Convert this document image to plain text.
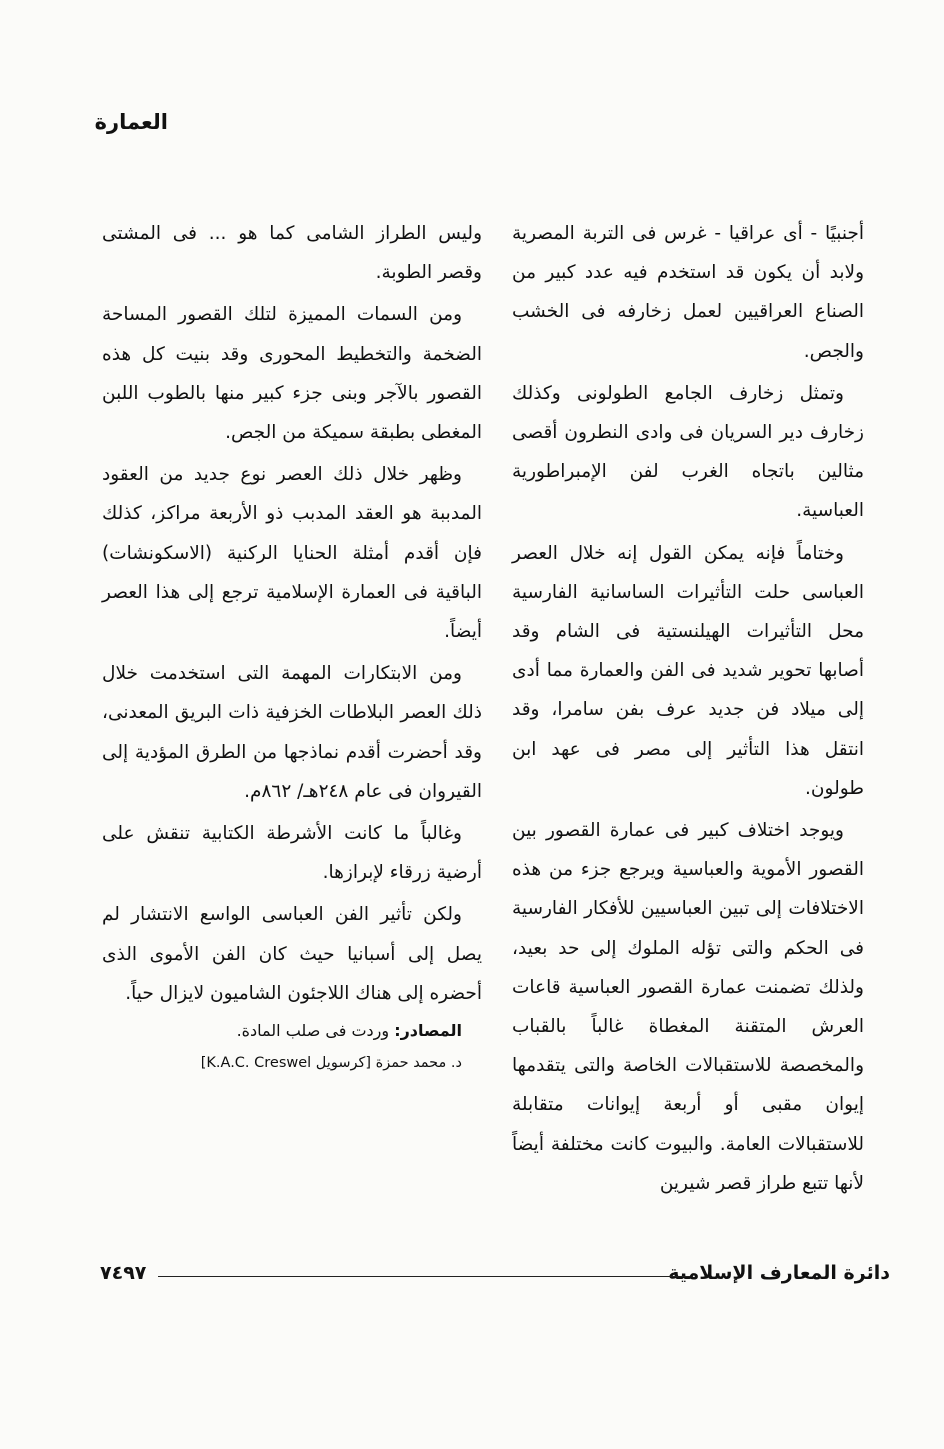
العمارة

أجنبيًا - أى عراقيا - غرس فى التربة المصرية ولابد أن يكون قد استخدم فيه عدد كبير من الصناع العراقيين لعمل زخارفه فى الخشب والجص.

وتمثل زخارف الجامع الطولونى وكذلك زخارف دير السريان فى وادى النطرون أقصى مثالين باتجاه الغرب لفن الإمبراطورية العباسية.

وختاماً فإنه يمكن القول إنه خلال العصر العباسى حلت التأثيرات الساسانية الفارسية محل التأثيرات الهيلنستية فى الشام وقد أصابها تحوير شديد فى الفن والعمارة مما أدى إلى ميلاد فن جديد عرف بفن سامرا، وقد انتقل هذا التأثير إلى مصر فى عهد ابن طولون.

ويوجد اختلاف كبير فى عمارة القصور بين القصور الأموية والعباسية ويرجع جزء من هذه الاختلافات إلى تبين العباسيين للأفكار الفارسية فى الحكم والتى تؤله الملوك إلى حد بعيد، ولذلك تضمنت عمارة القصور العباسية قاعات العرش المتقنة المغطاة غالباً بالقباب والمخصصة للاستقبالات الخاصة والتى يتقدمها إيوان مقبى أو أربعة إيوانات متقابلة للاستقبالات العامة. والبيوت كانت مختلفة أيضاً لأنها تتبع طراز قصر شيرين

وليس الطراز الشامى كما هو ... فى المشتى وقصر الطوبة.

ومن السمات المميزة لتلك القصور المساحة الضخمة والتخطيط المحورى وقد بنيت كل هذه القصور بالآجر وبنى جزء كبير منها بالطوب اللبن المغطى بطبقة سميكة من الجص.

وظهر خلال ذلك العصر نوع جديد من العقود المدببة هو العقد المدبب ذو الأربعة مراكز، كذلك فإن أقدم أمثلة الحنايا الركنية (الاسكونشات) الباقية فى العمارة الإسلامية ترجع إلى هذا العصر أيضاً.

ومن الابتكارات المهمة التى استخدمت خلال ذلك العصر البلاطات الخزفية ذات البريق المعدنى، وقد أحضرت أقدم نماذجها من الطرق المؤدية إلى القيروان فى عام ٢٤٨هـ/ ٨٦٢م.

وغالباً ما كانت الأشرطة الكتابية تنقش على أرضية زرقاء لإبرازها.

ولكن تأثير الفن العباسى الواسع الانتشار لم يصل إلى أسبانيا حيث كان الفن الأموى الذى أحضره إلى هناك اللاجئون الشاميون لايزال حياً.

المصادر: وردت فى صلب المادة.

د. محمد حمزة [كرسويل K.A.C. Creswel]

دائرة المعارف الإسلامية
٧٤٩٧
